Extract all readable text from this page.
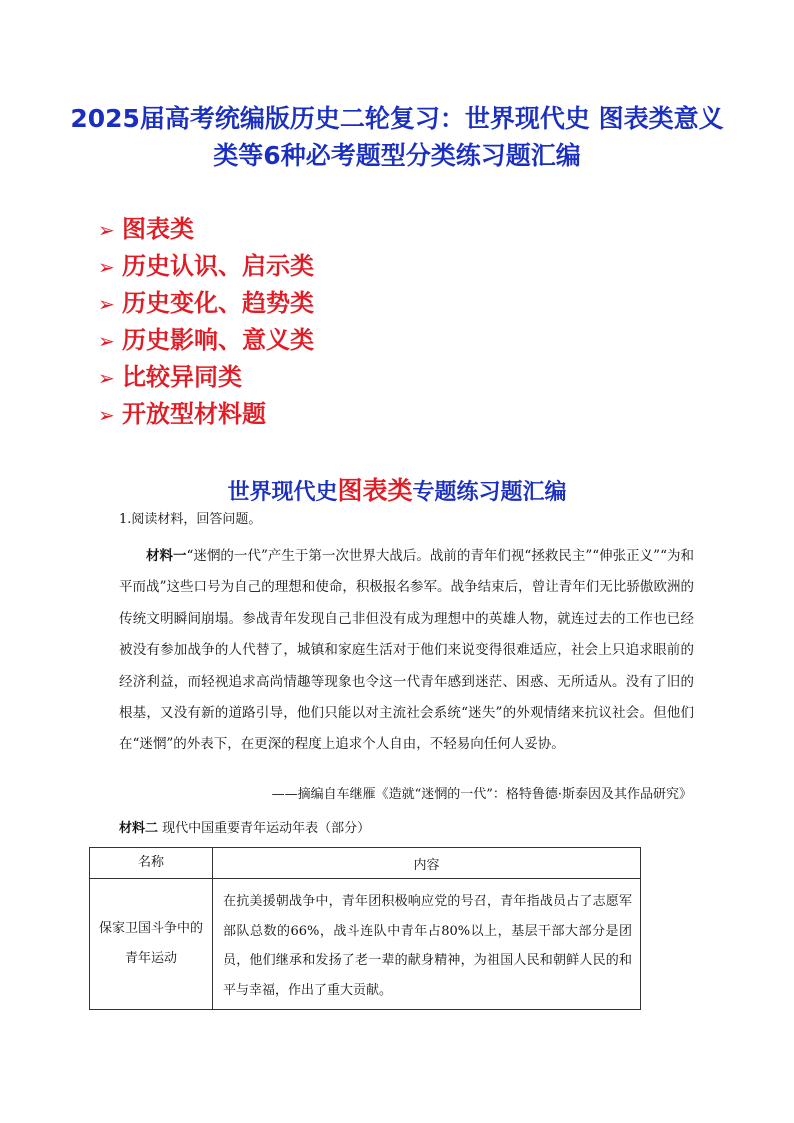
2025届高考统编版历史二轮复习：世界现代史 图表类意义类等6种必考题型分类练习题汇编
➢ 图表类
➢ 历史认识、启示类
➢ 历史变化、趋势类
➢ 历史影响、意义类
➢ 比较异同类
➢ 开放型材料题
世界现代史图表类专题练习题汇编

1.阅读材料，回答问题。

材料一“迷惘的一代”产生于第一次世界大战后。战前的青年们视“拯救民主”“伸张正义”“为和平而战”这些口号为自己的理想和使命，积极报名参军。战争结束后，曾让青年们无比骄傲欧洲的传统文明瞬间崩塌。参战青年发现自己非但没有成为理想中的英雄人物，就连过去的工作也已经被没有参加战争的人代替了，城镇和家庭生活对于他们来说变得很难适应，社会上只追求眼前的经济利益，而轻视追求高尚情趣等现象也令这一代青年感到迷茫、困惑、无所适从。没有了旧的根基，又没有新的道路引导，他们只能以对主流社会系统“迷失”的外观情绪来抗议社会。但他们在“迷惘”的外表下，在更深的程度上追求个人自由，不轻易向任何人妥协。

——摘编自车继雁《造就“迷惘的一代”：格特鲁德·斯泰因及其作品研究》

材料二 现代中国重要青年运动年表（部分）

名称	内容
保家卫国斗争中的青年运动	在抗美援朝战争中，青年团积极响应党的号召，青年指战员占了志愿军部队总数的66%，战斗连队中青年占80%以上，基层干部大部分是团员，他们继承和发扬了老一辈的献身精神，为祖国人民和朝鲜人民的和平与幸福，作出了重大贡献。
